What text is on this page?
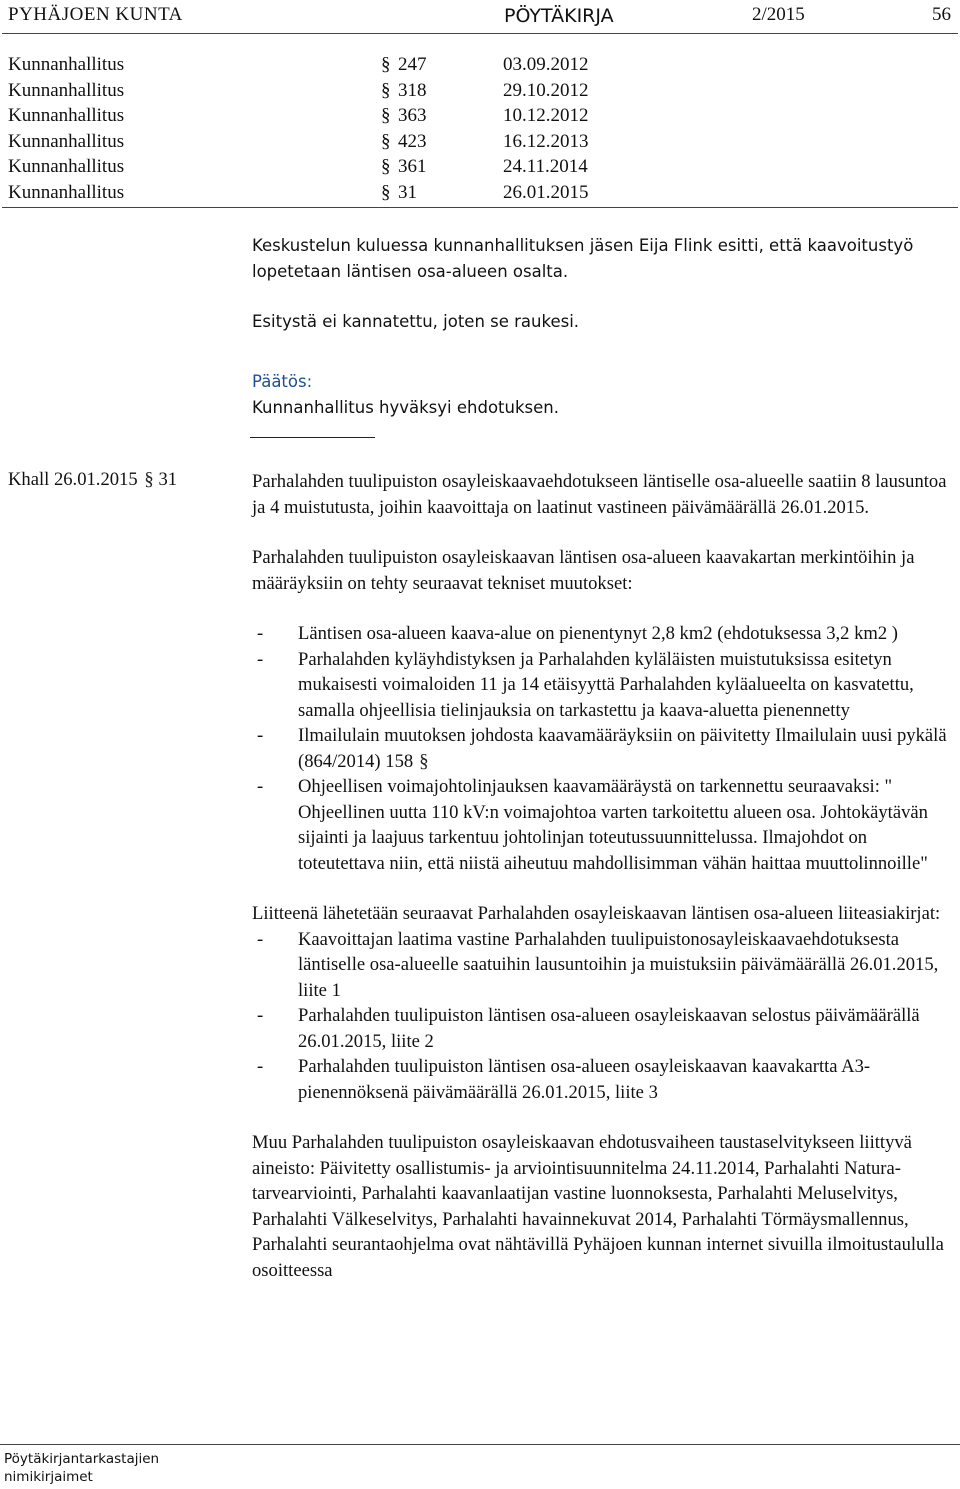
PYHÄJOEN KUNTA	PÖYTÄKIRJA	2/2015	56
Kunnanhallitus	§ 247	03.09.2012
Kunnanhallitus	§ 318	29.10.2012
Kunnanhallitus	§ 363	10.12.2012
Kunnanhallitus	§ 423	16.12.2013
Kunnanhallitus	§ 361	24.11.2014
Kunnanhallitus	§ 31	26.01.2015

Keskustelun kuluessa kunnanhallituksen jäsen Eija Flink esitti, että kaavoitustyö lopetetaan läntisen osa-alueen osalta.

Esitystä ei kannatettu, joten se raukesi.

Päätös:

Kunnanhallitus hyväksyi ehdotuksen.

Khall 26.01.2015 § 31	Parhalahden tuulipuiston osayleiskaavaehdotukseen läntiselle osa-alueelle saatiin 8 lausuntoa ja 4 muistutusta, joihin kaavoittaja on laatinut vastineen päivämäärällä 26.01.2015.

Parhalahden tuulipuiston osayleiskaavan läntisen osa-alueen kaavakartan merkintöihin ja määräyksiin on tehty seuraavat tekniset muutokset:

- Läntisen osa-alueen kaava-alue on pienentynyt 2,8 km2 (ehdotuksessa 3,2 km2 )
- Parhalahden kyläyhdistyksen ja Parhalahden kyläläisten muistutuksissa esitetyn mukaisesti voimaloiden 11 ja 14 etäisyyttä Parhalahden kyläalueelta on kasvatettu, samalla ohjeellisia tielinjauksia on tarkastettu ja kaava-aluetta pienennetty
- Ilmailulain muutoksen johdosta kaavamääräyksiin on päivitetty Ilmailulain uusi pykälä (864/2014) 158 §
- Ohjeellisen voimajohtolinjauksen kaavamääräystä on tarkennettu seuraavaksi: " Ohjeellinen uutta 110 kV:n voimajohtoa varten tarkoitettu alueen osa. Johtokäytävän sijainti ja laajuus tarkentuu johtolinjan toteutussuunnittelussa. Ilmajohdot on toteutettava niin, että niistä aiheutuu mahdollisimman vähän haittaa muuttolinnoille"

Liitteenä lähetetään seuraavat Parhalahden osayleiskaavan läntisen osa-alueen liiteasiakirjat:

- Kaavoittajan laatima vastine Parhalahden tuulipuistonosayleiskaavaehdotuksesta läntiselle osa-alueelle saatuihin lausuntoihin ja muistuksiin päivämäärällä 26.01.2015, liite 1
- Parhalahden tuulipuiston läntisen osa-alueen osayleiskaavan selostus päivämäärällä 26.01.2015, liite 2
- Parhalahden tuulipuiston läntisen osa-alueen osayleiskaavan kaavakartta A3-pienennöksenä päivämäärällä 26.01.2015, liite 3

Muu Parhalahden tuulipuiston osayleiskaavan ehdotusvaiheen taustaselvitykseen liittyvä aineisto: Päivitetty osallistumis- ja arviointisuunnitelma 24.11.2014, Parhalahti Natura-tarvearviointi, Parhalahti kaavanlaatijan vastine luonnoksesta, Parhalahti Meluselvitys, Parhalahti Välkeselvitys, Parhalahti havainnekuvat 2014, Parhalahti Törmäysmallennus, Parhalahti seurantaohjelma ovat nähtävillä Pyhäjoen kunnan internet sivuilla ilmoitustaululla osoitteessa

Pöytäkirjantarkastajien
nimikirjaimet
